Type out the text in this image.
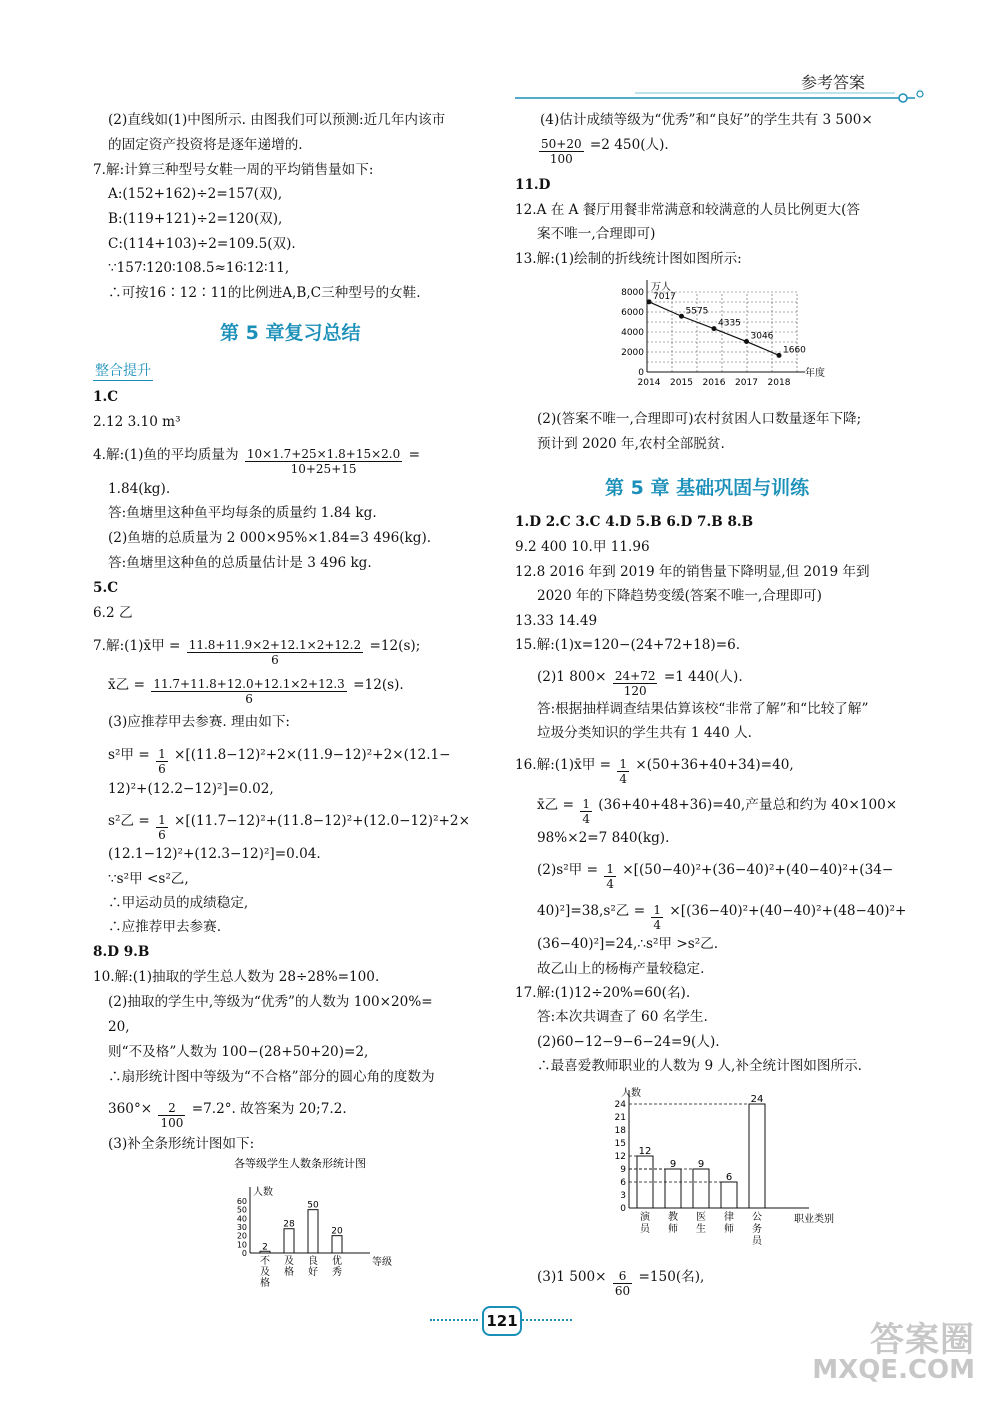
参考答案
(2)直线如(1)中图所示. 由图我们可以预测:近几年内该市
的固定资产投资将是逐年递增的.
7.解:计算三种型号女鞋一周的平均销售量如下:
A:(152+162)÷2=157(双),
B:(119+121)÷2=120(双),
C:(114+103)÷2=109.5(双).
∵157∶120∶108.5≈16∶12∶11,
∴可按16∶12∶11的比例进A,B,C三种型号的女鞋.
第 5 章复习总结
整合提升
1.C
2.12 3.10 m³
4.解:(1)鱼的平均质量为 $\frac{10\times 1.7+25\times 1.8+15\times 2.0}{10+25+15}$ =
1.84(kg).
答:鱼塘里这种鱼平均每条的质量约 1.84 kg.
(2)鱼塘的总质量为 2 000×95%×1.84=3 496(kg).
答:鱼塘里这种鱼的总质量估计是 3 496 kg.
5.C
6.2 乙
7.解:(1)x̄甲 = $\frac{11.8+11.9\times 2+12.1\times 2+12.2}{6} =12(s)$;
x̄乙 = $\frac{11.7+11.8+12.0+12.1\times 2+12.3}{6} =12(s)$.
(3)应推荐甲去参赛. 理由如下:
s²甲 = $\frac{1}{6} \times[(11.8-12)^2+2\times(11.9-12)^2+2\times(12.1-$
12)²+(12.2−12)²]=0.02,
s²乙 = $\frac{1}{6} \times[(11.7-12)^2+(11.8-12)^2+(12.0-12)^2+2\times$
(12.1−12)²+(12.3−12)²]=0.04.
∵s²甲 <s²乙,
∴甲运动员的成绩稳定,
∴应推荐甲去参赛.
8.D 9.B
10.解:(1)抽取的学生总人数为 28÷28%=100.
(2)抽取的学生中,等级为“优秀”的人数为 100×20%=
20,
则“不及格”人数为 100−(28+50+20)=2,
∴扇形统计图中等级为“不合格”部分的圆心角的度数为
$360^\circ\times \frac{2}{100} =7.2^\circ$. 故答案为 20;7.2.
(3)补全条形统计图如下:
各等级学生人数条形统计图
人数
等级
0
10
20
30
40
50
60
2
不
及
格
28
及
格
50
良
好
20
优
秀
(4)估计成绩等级为“优秀”和“良好”的学生共有 3 500×
$\frac{50+20}{100} =2$ 450(人).
11.D
12.A 在 A 餐厅用餐非常满意和较满意的人员比例更大(答
案不唯一,合理即可)
13.解:(1)绘制的折线统计图如图所示:
万人
年度
0
2000
4000
6000
8000 7017
2014
5575
2015
4335
2016
3046
2017
1660
2018
(2)(答案不唯一,合理即可)农村贫困人口数量逐年下降;
预计到 2020 年,农村全部脱贫.
第 5 章 基础巩固与训练
1.D 2.C 3.C 4.D 5.B 6.D 7.B 8.B
9.2 400 10.甲 11.96
12.8 2016 年到 2019 年的销售量下降明显,但 2019 年到
2020 年的下降趋势变缓(答案不唯一,合理即可)
13.33 14.49
15.解:(1)x=120−(24+72+18)=6.
(2)1 $800\times \frac{24+72}{120} =1$ 440(人).
答:根据抽样调查结果估算该校“非常了解”和“比较了解”
垃圾分类知识的学生共有 1 440 人.
16.解:(1)x̄甲 = $\frac{1}{4} \times(50+36+40+34)=40$,
x̄乙 = $\frac{1}{4} (36+40+48+36)=40$,产量总和约为 40×100×
98%×2=7 840(kg).
(2)s²甲 = $\frac{1}{4} \times[(50-40)^2+(36-40)^2+(40-40)^2+(34-$
40)²]=38,s²乙 = $\frac{1}{4} \times[(36-40)^2+(40-40)^2+(48-40)^2+$
(36−40)²]=24,∴s²甲 >s²乙.
故乙山上的杨梅产量较稳定.
17.解:(1)12÷20%=60(名).
答:本次共调查了 60 名学生.
(2)60−12−9−6−24=9(人).
∴最喜爱教师职业的人数为 9 人,补全统计图如图所示.
人数
职业类别
0
3
6
9
12
15
18
21
24
12
演
员
9
教
师
9
医
生
6
律
师
24
公
务
员
(3)1 $500\times \frac{6}{60} =150$(名),
121	答案圈
MXQE.COM
